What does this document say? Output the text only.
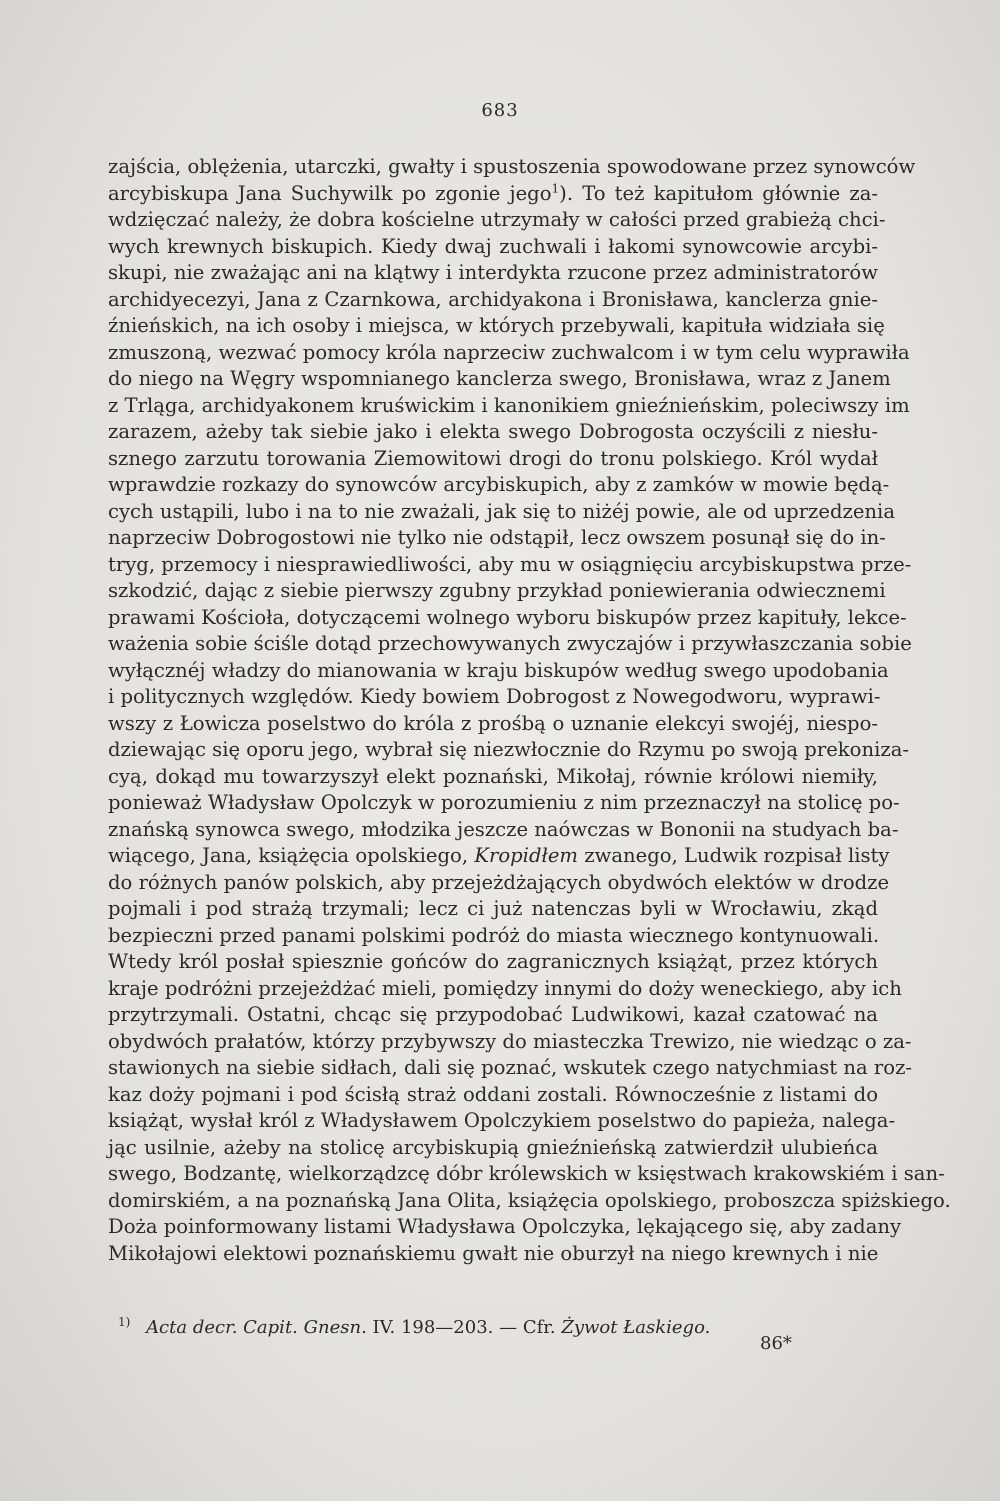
683
zajścia, oblężenia, utarczki, gwałty i spustoszenia spowodowane przez synowców
arcybiskupa Jana Suchywilk po zgonie jego$^1$). To też kapitułom głównie za-
wdzięczać należy, że dobra kościelne utrzymały w całości przed grabieżą chci-
wych krewnych biskupich. Kiedy dwaj zuchwali i łakomi synowcowie arcybi-
skupi, nie zważając ani na klątwy i interdykta rzucone przez administratorów
archidyecezyi, Jana z Czarnkowa, archidyakona i Bronisława, kanclerza gnie-
źnieńskich, na ich osoby i miejsca, w których przebywali, kapituła widziała się
zmuszoną, wezwać pomocy króla naprzeciw zuchwalcom i w tym celu wyprawiła
do niego na Węgry wspomnianego kanclerza swego, Bronisława, wraz z Janem
z Trląga, archidyakonem kruświckim i kanonikiem gnieźnieńskim, poleciwszy im
zarazem, ażeby tak siebie jako i elekta swego Dobrogosta oczyścili z niesłu-
sznego zarzutu torowania Ziemowitowi drogi do tronu polskiego. Król wydał
wprawdzie rozkazy do synowców arcybiskupich, aby z zamków w mowie będą-
cych ustąpili, lubo i na to nie zważali, jak się to niżéj powie, ale od uprzedzenia
naprzeciw Dobrogostowi nie tylko nie odstąpił, lecz owszem posunął się do in-
tryg, przemocy i niesprawiedliwości, aby mu w osiągnięciu arcybiskupstwa prze-
szkodzić, dając z siebie pierwszy zgubny przykład poniewierania odwiecznemi
prawami Kościoła, dotyczącemi wolnego wyboru biskupów przez kapituły, lekce-
ważenia sobie ściśle dotąd przechowywanych zwyczajów i przywłaszczania sobie
wyłącznéj władzy do mianowania w kraju biskupów według swego upodobania
i politycznych względów. Kiedy bowiem Dobrogost z Nowegodworu, wyprawi-
wszy z Łowicza poselstwo do króla z prośbą o uznanie elekcyi swojéj, niespo-
dziewając się oporu jego, wybrał się niezwłocznie do Rzymu po swoją prekoniza-
cyą, dokąd mu towarzyszył elekt poznański, Mikołaj, równie królowi niemiły,
ponieważ Władysław Opolczyk w porozumieniu z nim przeznaczył na stolicę po-
znańską synowca swego, młodzika jeszcze naówczas w Bononii na studyach ba-
wiącego, Jana, książęcia opolskiego, Kropidłem zwanego, Ludwik rozpisał listy
do różnych panów polskich, aby przejeżdżających obydwóch elektów w drodze
pojmali i pod strażą trzymali; lecz ci już natenczas byli w Wrocławiu, zkąd
bezpieczni przed panami polskimi podróż do miasta wiecznego kontynuowali.
Wtedy król posłał spiesznie gońców do zagranicznych książąt, przez których
kraje podróżni przejeżdżać mieli, pomiędzy innymi do doży weneckiego, aby ich
przytrzymali. Ostatni, chcąc się przypodobać Ludwikowi, kazał czatować na
obydwóch prałatów, którzy przybywszy do miasteczka Trewizo, nie wiedząc o za-
stawionych na siebie sidłach, dali się poznać, wskutek czego natychmiast na roz-
kaz doży pojmani i pod ścisłą straż oddani zostali. Równocześnie z listami do
książąt, wysłał król z Władysławem Opolczykiem poselstwo do papieża, nalega-
jąc usilnie, ażeby na stolicę arcybiskupią gnieźnieńską zatwierdził ulubieńca
swego, Bodzantę, wielkorządzcę dóbr królewskich w księstwach krakowskiém i san-
domirskiém, a na poznańską Jana Olita, książęcia opolskiego, proboszcza spiżskiego.
Doża poinformowany listami Władysława Opolczyka, lękającego się, aby zadany
Mikołajowi elektowi poznańskiemu gwałt nie oburzył na niego krewnych i nie
$^{1)}$ Acta decr. Capit. Gnesn. IV. 198—203. — Cfr. Żywot Łaskiego.
86*
